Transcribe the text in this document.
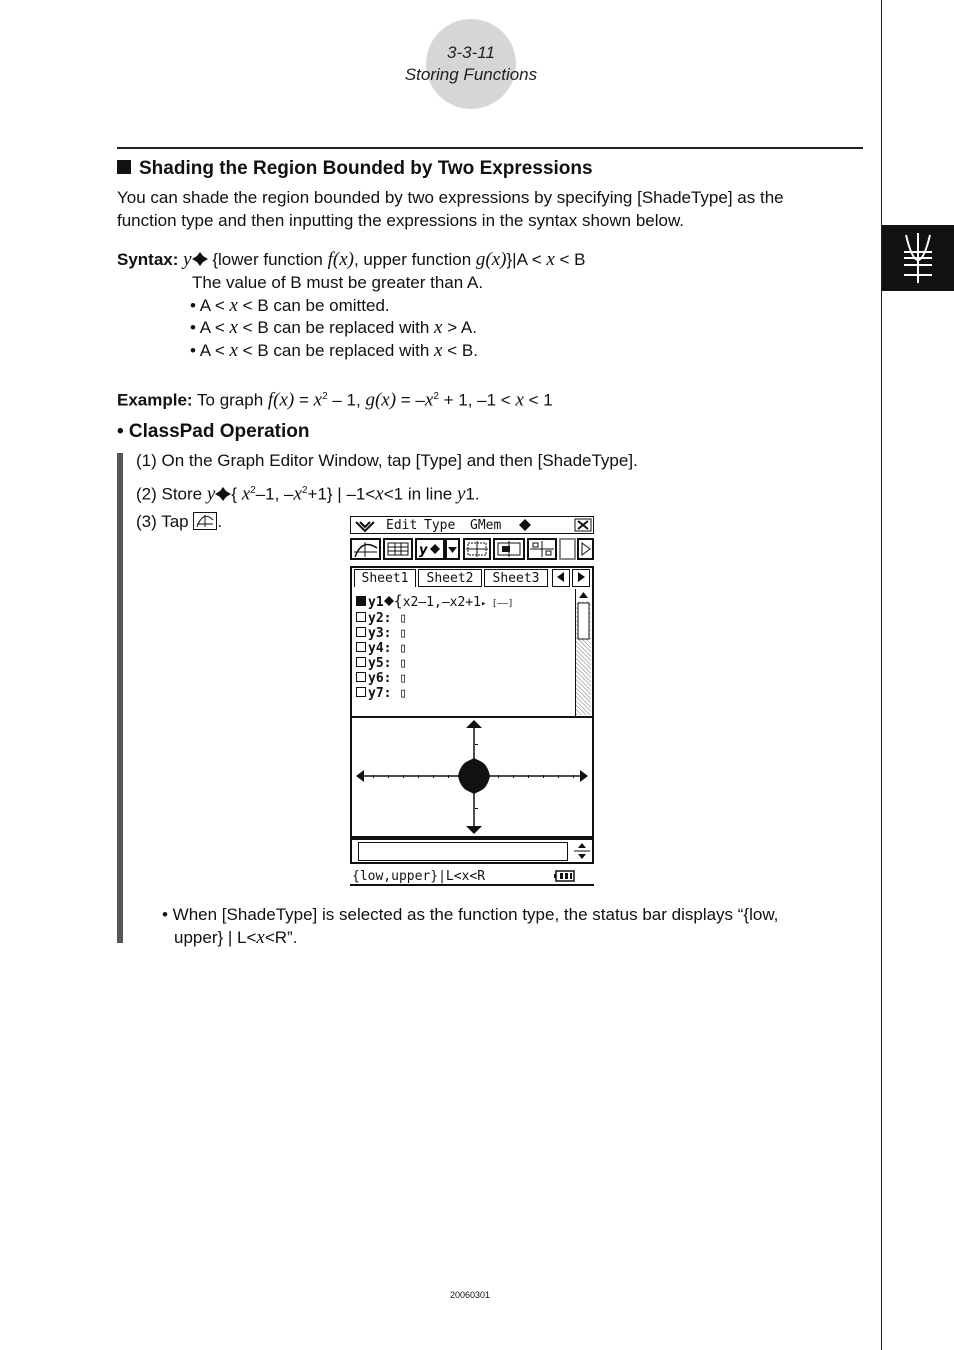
3-3-11
Storing Functions
Shading the Region Bounded by Two Expressions
You can shade the region bounded by two expressions by specifying [ShadeType] as the
function type and then inputting the expressions in the syntax shown below.
Syntax: y {lower function f(x), upper function g(x)}|A < x < B
The value of B must be greater than A.
• A < x < B can be omitted.
• A < x < B can be replaced with x > A.
• A < x < B can be replaced with x < B.
Example: To graph $f(x) = x^2 - 1$, $g(x) = -x^2 + 1$, –1 < x < 1
• ClassPad Operation
(1) On the Graph Editor Window, tap [Type] and then [ShadeType].
(2) Store y { $x^2-1$, $-x^2+1$} | –1<x<1 in line y1.
(3) Tap .	Edit Type GMem
y
Sheet1	Sheet2	Sheet3
y1 {x2–1,–x2+1▸ [——]
y2: ▯
y3: ▯
y4: ▯
y5: ▯
y6: ▯
y7: ▯
{low,upper}|L<x<R
• When [ShadeType] is selected as the function type, the status bar displays “{low,
upper} | L<x<R”.
20060301
